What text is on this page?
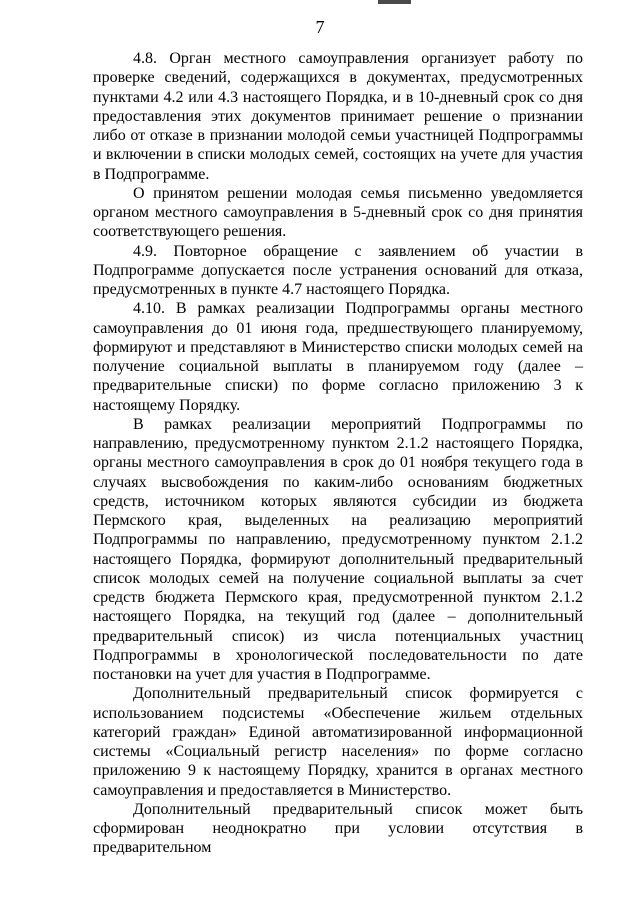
7

4.8. Орган местного самоуправления организует работу по проверке сведений, содержащихся в документах, предусмотренных пунктами 4.2 или 4.3 настоящего Порядка, и в 10-дневный срок со дня предоставления этих документов принимает решение о признании либо от отказе в признании молодой семьи участницей Подпрограммы и включении в списки молодых семей, состоящих на учете для участия в Подпрограмме.

О принятом решении молодая семья письменно уведомляется органом местного самоуправления в 5-дневный срок со дня принятия соответствующего решения.

4.9. Повторное обращение с заявлением об участии в Подпрограмме допускается после устранения оснований для отказа, предусмотренных в пункте 4.7 настоящего Порядка.

4.10. В рамках реализации Подпрограммы органы местного самоуправления до 01 июня года, предшествующего планируемому, формируют и представляют в Министерство списки молодых семей на получение социальной выплаты в планируемом году (далее – предварительные списки) по форме согласно приложению 3 к настоящему Порядку.

В рамках реализации мероприятий Подпрограммы по направлению, предусмотренному пунктом 2.1.2 настоящего Порядка, органы местного самоуправления в срок до 01 ноября текущего года в случаях высвобождения по каким-либо основаниям бюджетных средств, источником которых являются субсидии из бюджета Пермского края, выделенных на реализацию мероприятий Подпрограммы по направлению, предусмотренному пунктом 2.1.2 настоящего Порядка, формируют дополнительный предварительный список молодых семей на получение социальной выплаты за счет средств бюджета Пермского края, предусмотренной пунктом 2.1.2 настоящего Порядка, на текущий год (далее – дополнительный предварительный список) из числа потенциальных участниц Подпрограммы в хронологической последовательности по дате постановки на учет для участия в Подпрограмме.

Дополнительный предварительный список формируется с использованием подсистемы «Обеспечение жильем отдельных категорий граждан» Единой автоматизированной информационной системы «Социальный регистр населения» по форме согласно приложению 9 к настоящему Порядку, хранится в органах местного самоуправления и предоставляется в Министерство.

Дополнительный предварительный список может быть сформирован неоднократно при условии отсутствия в предварительном
